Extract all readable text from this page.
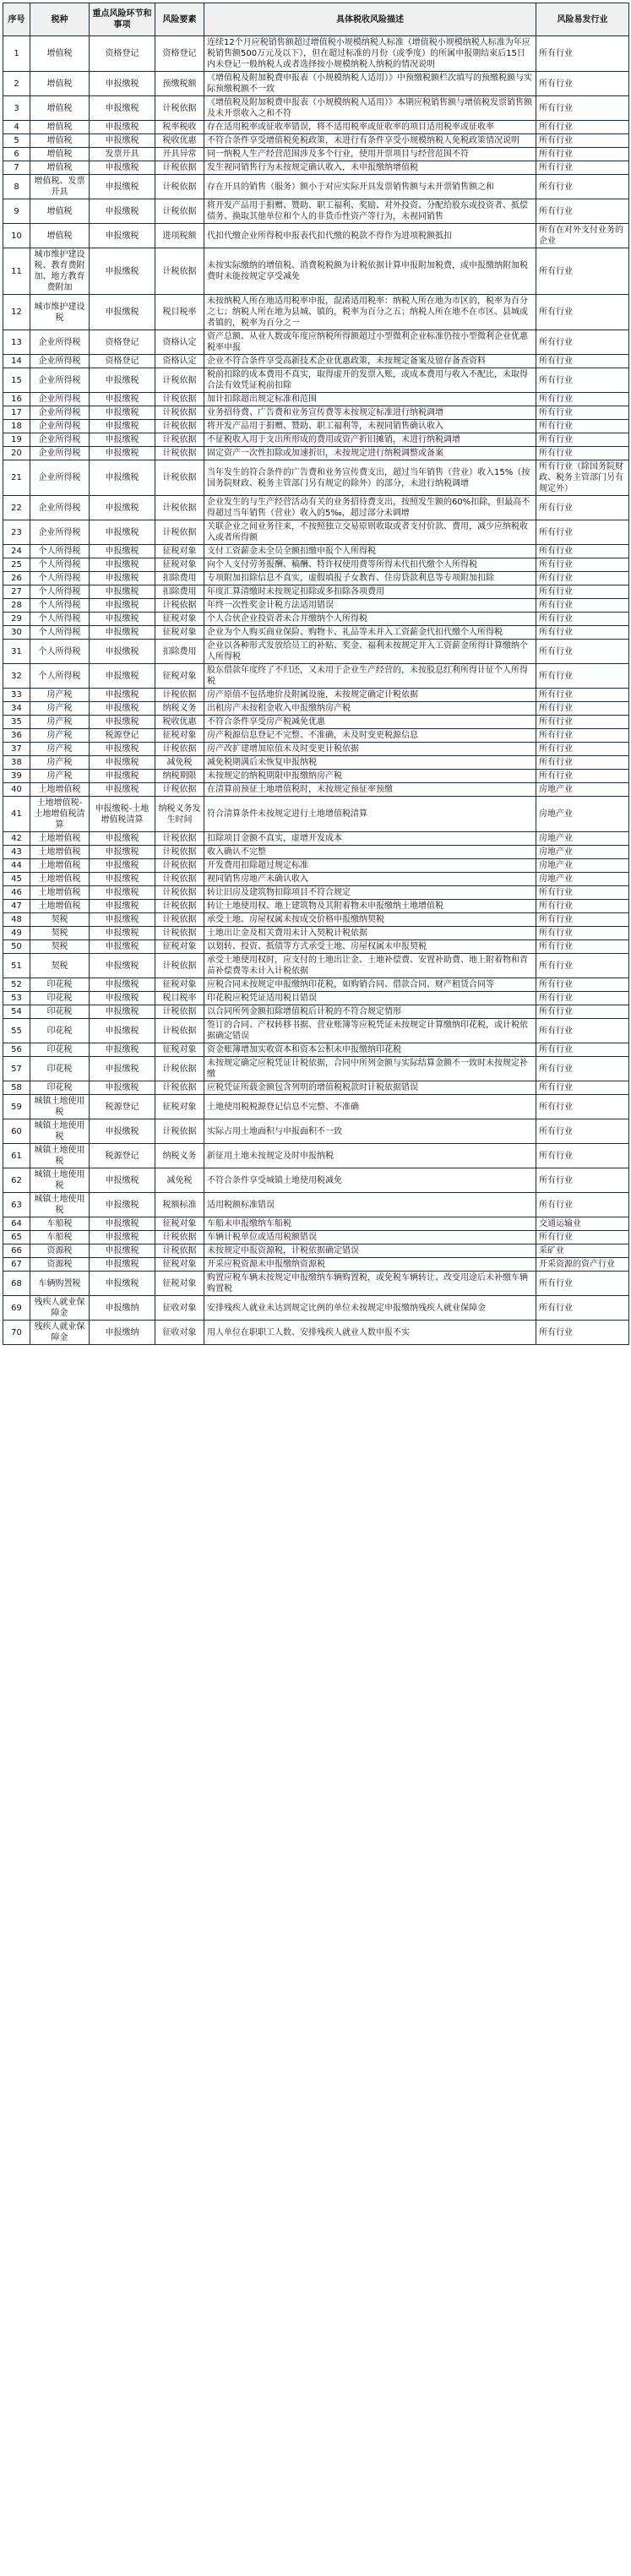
序号	税种	重点风险环节和事项	风险要素	具体税收风险描述	风险易发行业
1	增值税	资格登记	资格登记	连续12个月应税销售额超过增值税小规模纳税人标准（增值税小规模纳税人标准为年应税销售额500万元及以下），但在超过标准的月份（或季度）的所属申报期结束后15日内未登记一般纳税人或者选择按小规模纳税人纳税的情况说明	所有行业
2	增值税	申报缴税	预缴税额	《增值税及附加税费申报表（小规模纳税人适用）》中预缴税额栏次填写的预缴税额与实际预缴税额不一致	所有行业
3	增值税	申报缴税	计税依据	《增值税及附加税费申报表（小规模纳税人适用）》本期应税销售额与增值税发票销售额及未开票收入之和不符	所有行业
4	增值税	申报缴税	税率税收	存在适用税率或征收率错误，将不适用税率或征收率的项目适用税率或征收率	所有行业
5	增值税	申报缴税	税收优惠	不符合条件享受增值税免税政策，未进行有条件享受小规模纳税人免税政策情况说明	所有行业
6	增值税	发票开具	开具异常	同一纳税人生产经营范围涉及多个行业，使用开票项目与经营范围不符	所有行业
7	增值税	申报缴税	计税依据	发生视同销售行为未按规定确认收入，未申报缴纳增值税	所有行业
8	增值税、发票开具	申报缴税	计税依据	存在开具的销售（服务）额小于对应实际开具发票销售额与未开票销售额之和	所有行业
9	增值税	申报缴税	计税依据	将开发产品用于捐赠、赞助、职工福利、奖励、对外投资、分配给股东或投资者、抵偿债务、换取其他单位和个人的非货币性资产等行为，未视同销售	所有行业
10	增值税	申报缴税	进项税额	代扣代缴企业所得税申报表代扣代缴的税款不得作为进项税额抵扣	所有在对外支付业务的企业
11	城市维护建设税、教育费附加、地方教育费附加	申报缴税	计税依据	未按实际缴纳的增值税、消费税税额为计税依据计算申报附加税费，或申报缴纳附加税费时未能按规定享受减免	所有行业
12	城市维护建设税	申报缴税	税目税率	未按纳税人所在地适用税率申报，混淆适用税率：纳税人所在地为市区的，税率为百分之七；纳税人所在地为县城、镇的，税率为百分之五；纳税人所在地不在市区、县城或者镇的，税率为百分之一	所有行业
13	企业所得税	资格登记	资格认定	资产总额、从业人数或年度应纳税所得额超过小型微利企业标准仍按小型微利企业优惠税率申报	所有行业
14	企业所得税	资格登记	资格认定	企业不符合条件享受高新技术企业优惠政策，未按规定备案及留存备查资料	所有行业
15	企业所得税	申报缴税	计税依据	税前扣除的成本费用不真实，取得虚开的发票入账，或成本费用与收入不配比，未取得合法有效凭证税前扣除	所有行业
16	企业所得税	申报缴税	计税依据	加计扣除超出规定标准和范围	所有行业
17	企业所得税	申报缴税	计税依据	业务招待费、广告费和业务宣传费等未按规定标准进行纳税调增	所有行业
18	企业所得税	申报缴税	计税依据	将开发产品用于捐赠、赞助、职工福利等，未视同销售确认收入	所有行业
19	企业所得税	申报缴税	计税依据	不征税收入用于支出所形成的费用或资产折旧摊销，未进行纳税调增	所有行业
20	企业所得税	申报缴税	计税依据	固定资产一次性扣除或加速折旧，未按规定进行纳税调整或备案	所有行业
21	企业所得税	申报缴税	计税依据	当年发生的符合条件的广告费和业务宣传费支出，超过当年销售（营业）收入15%（按国务院财政、税务主管部门另有规定的除外）的部分，未进行纳税调增	所有行业（除国务院财政、税务主管部门另有规定外）
22	企业所得税	申报缴税	计税依据	企业发生的与生产经营活动有关的业务招待费支出，按照发生额的60%扣除，但最高不得超过当年销售（营业）收入的5‰，超过部分未调增	所有行业
23	企业所得税	申报缴税	计税依据	关联企业之间业务往来，不按照独立交易原则收取或者支付价款、费用，减少应纳税收入或者所得额	所有行业
24	个人所得税	申报缴税	征税对象	支付工资薪金未全员全额扣缴申报个人所得税	所有行业
25	个人所得税	申报缴税	征税对象	向个人支付劳务报酬、稿酬、特许权使用费等所得未代扣代缴个人所得税	所有行业
26	个人所得税	申报缴税	扣除费用	专项附加扣除信息不真实，虚假填报子女教育、住房贷款利息等专项附加扣除	所有行业
27	个人所得税	申报缴税	扣除费用	年度汇算清缴时未按规定扣除或多扣除各项费用	所有行业
28	个人所得税	申报缴税	计税依据	年终一次性奖金计税方法适用错误	所有行业
29	个人所得税	申报缴税	征税对象	个人合伙企业投资者未合并缴纳个人所得税	所有行业
30	个人所得税	申报缴税	征税对象	企业为个人购买商业保险、购物卡、礼品等未并入工资薪金代扣代缴个人所得税	所有行业
31	个人所得税	申报缴税	扣除费用	企业以各种形式发放给员工的补贴、奖金、福利未按规定并入工资薪金所得计算缴纳个人所得税	所有行业
32	个人所得税	申报缴税	征税对象	股东借款年度终了不归还，又未用于企业生产经营的，未按股息红利所得计征个人所得税	所有行业
33	房产税	申报缴税	计税依据	房产原值不包括地价及附属设施，未按规定确定计税依据	所有行业
34	房产税	申报缴税	纳税义务	出租房产未按租金收入申报缴纳房产税	所有行业
35	房产税	申报缴税	税收优惠	不符合条件享受房产税减免优惠	所有行业
36	房产税	税源登记	征税对象	房产税源信息登记不完整、不准确，未及时变更税源信息	所有行业
37	房产税	申报缴税	计税依据	房产改扩建增加原值未及时变更计税依据	所有行业
38	房产税	申报缴税	减免税	减免税期满后未恢复申报纳税	所有行业
39	房产税	申报缴税	纳税期限	未按规定的纳税期限申报缴纳房产税	所有行业
40	土地增值税	申报缴税	计税依据	在清算前预征土地增值税时，未按规定预征率预缴	房地产业
41	土地增值税-土地增值税清算	申报缴税-土地增值税清算	纳税义务发生时间	符合清算条件未按规定进行土地增值税清算	房地产业
42	土地增值税	申报缴税	计税依据	扣除项目金额不真实，虚增开发成本	房地产业
43	土地增值税	申报缴税	计税依据	收入确认不完整	房地产业
44	土地增值税	申报缴税	计税依据	开发费用扣除超过规定标准	房地产业
45	土地增值税	申报缴税	计税依据	视同销售房地产未确认收入	房地产业
46	土地增值税	申报缴税	计税依据	转让旧房及建筑物扣除项目不符合规定	所有行业
47	土地增值税	申报缴税	计税依据	转让土地使用权、地上建筑物及其附着物未申报缴纳土地增值税	所有行业
48	契税	申报缴税	计税依据	承受土地、房屋权属未按成交价格申报缴纳契税	所有行业
49	契税	申报缴税	计税依据	土地出让金及相关费用未计入契税计税依据	所有行业
50	契税	申报缴税	征税对象	以划转、投资、抵债等方式承受土地、房屋权属未申报契税	所有行业
51	契税	申报缴税	计税依据	承受土地使用权时，应支付的土地出让金、土地补偿费、安置补助费、地上附着物和青苗补偿费等未计入计税依据	所有行业
52	印花税	申报缴税	征税对象	应税合同未按规定申报缴纳印花税，如购销合同、借款合同、财产租赁合同等	所有行业
53	印花税	申报缴税	税目税率	印花税应税凭证适用税目错误	所有行业
54	印花税	申报缴税	计税依据	以合同所列金额扣除增值税后计税的不符合规定情形	所有行业
55	印花税	申报缴税	计税依据	签订的合同、产权转移书据、营业账簿等应税凭证未按规定计算缴纳印花税，或计税依据确定错误	所有行业
56	印花税	申报缴税	征税对象	资金账簿增加实收资本和资本公积未申报缴纳印花税	所有行业
57	印花税	申报缴税	计税依据	未按规定确定应税凭证计税依据，合同中所列金额与实际结算金额不一致时未按规定补缴	所有行业
58	印花税	申报缴税	计税依据	应税凭证所载金额包含列明的增值税税款时计税依据错误	所有行业
59	城镇土地使用税	税源登记	征税对象	土地使用税税源登记信息不完整、不准确	所有行业
60	城镇土地使用税	申报缴税	计税依据	实际占用土地面积与申报面积不一致	所有行业
61	城镇土地使用税	税源登记	纳税义务	新征用土地未按规定及时申报纳税	所有行业
62	城镇土地使用税	申报缴税	减免税	不符合条件享受城镇土地使用税减免	所有行业
63	城镇土地使用税	申报缴税	税额标准	适用税额标准错误	所有行业
64	车船税	申报缴税	征税对象	车船未申报缴纳车船税	交通运输业
65	车船税	申报缴税	计税依据	车辆计税单位或适用税额错误	所有行业
66	资源税	申报缴税	计税依据	未按规定申报资源税，计税依据确定错误	采矿业
67	资源税	申报缴税	征税对象	开采应税资源未申报缴纳资源税	开采资源的资产行业
68	车辆购置税	申报缴税	征税对象	购置应税车辆未按规定申报缴纳车辆购置税，或免税车辆转让、改变用途后未补缴车辆购置税	所有行业
69	残疾人就业保障金	申报缴纳	征收对象	安排残疾人就业未达到规定比例的单位未按规定申报缴纳残疾人就业保障金	所有行业
70	残疾人就业保障金	申报缴纳	征收对象	用人单位在职职工人数、安排残疾人就业人数申报不实	所有行业
